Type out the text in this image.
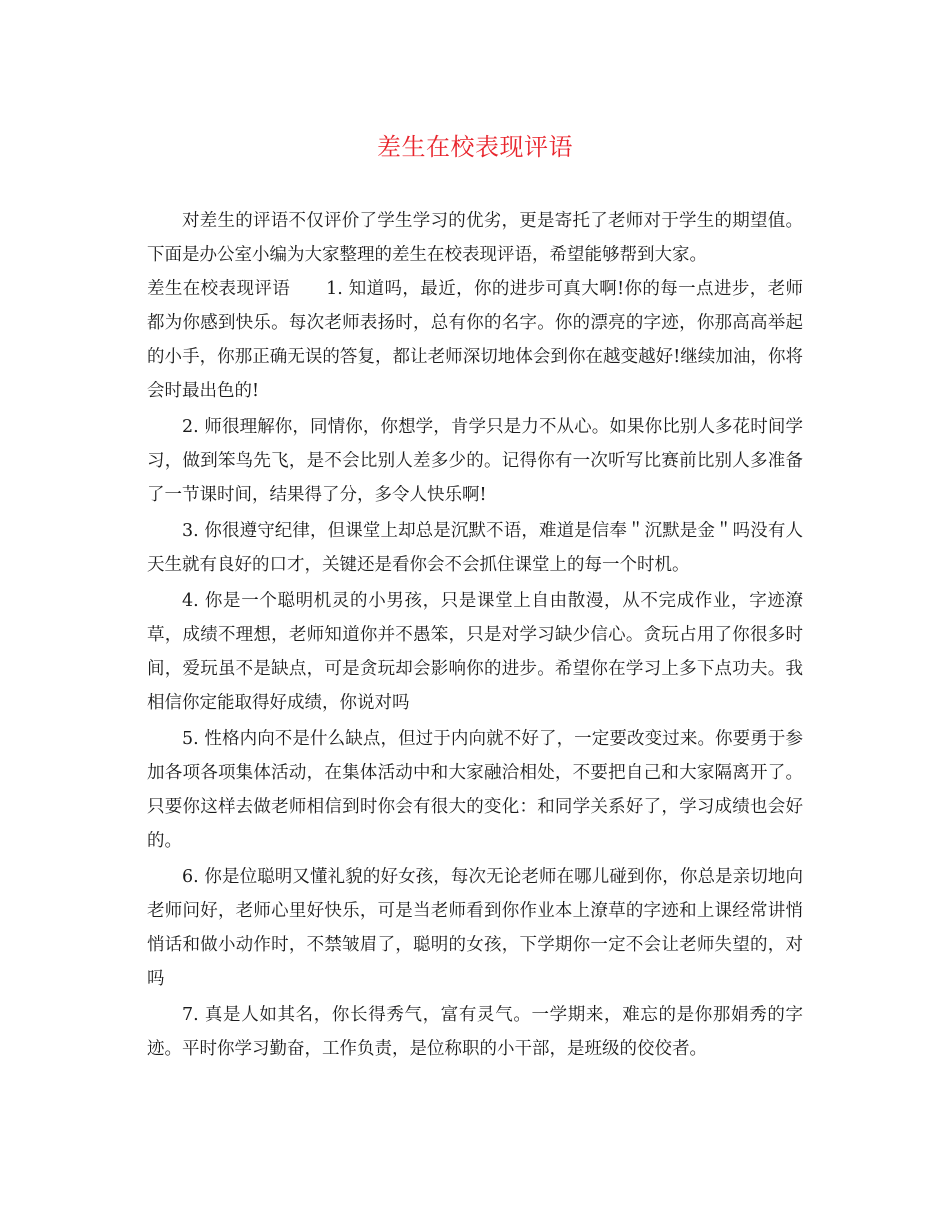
差生在校表现评语

对差生的评语不仅评价了学生学习的优劣，更是寄托了老师对于学生的期望值。下面是办公室小编为大家整理的差生在校表现评语，希望能够帮到大家。

差生在校表现评语 1. 知道吗，最近，你的进步可真大啊!你的每一点进步，老师都为你感到快乐。每次老师表扬时，总有你的名字。你的漂亮的字迹，你那高高举起的小手，你那正确无误的答复，都让老师深切地体会到你在越变越好!继续加油，你将会时最出色的!

2. 师很理解你，同情你，你想学，肯学只是力不从心。如果你比别人多花时间学习，做到笨鸟先飞，是不会比别人差多少的。记得你有一次听写比赛前比别人多准备了一节课时间，结果得了分，多令人快乐啊!

3. 你很遵守纪律，但课堂上却总是沉默不语，难道是信奉＂沉默是金＂吗没有人天生就有良好的口才，关键还是看你会不会抓住课堂上的每一个时机。

4. 你是一个聪明机灵的小男孩，只是课堂上自由散漫，从不完成作业，字迹潦草，成绩不理想，老师知道你并不愚笨，只是对学习缺少信心。贪玩占用了你很多时间，爱玩虽不是缺点，可是贪玩却会影响你的进步。希望你在学习上多下点功夫。我相信你定能取得好成绩，你说对吗

5. 性格内向不是什么缺点，但过于内向就不好了，一定要改变过来。你要勇于参加各项各项集体活动，在集体活动中和大家融洽相处，不要把自己和大家隔离开了。只要你这样去做老师相信到时你会有很大的变化：和同学关系好了，学习成绩也会好的。

6. 你是位聪明又懂礼貌的好女孩，每次无论老师在哪儿碰到你，你总是亲切地向老师问好，老师心里好快乐，可是当老师看到你作业本上潦草的字迹和上课经常讲悄悄话和做小动作时，不禁皱眉了，聪明的女孩，下学期你一定不会让老师失望的，对吗

7. 真是人如其名，你长得秀气，富有灵气。一学期来，难忘的是你那娟秀的字迹。平时你学习勤奋，工作负责，是位称职的小干部，是班级的佼佼者。
